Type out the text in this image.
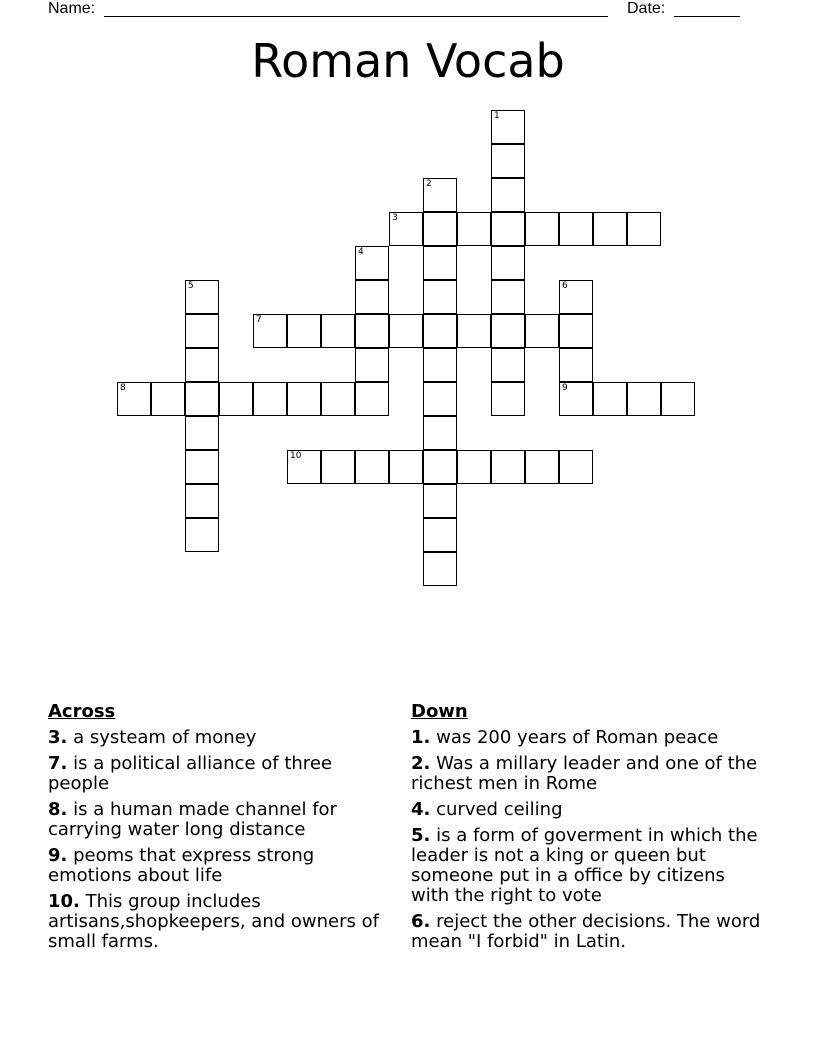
Name:	Date:
Roman Vocab
1
2
3
4
5	6
9
7
8
10
Across
3. a systeam of money
7. is a political alliance of three people
8. is a human made channel for carrying water long distance
9. peoms that express strong emotions about life
10. This group includes artisans,shopkeepers, and owners of small farms.
Down
1. was 200 years of Roman peace
2. Was a millary leader and one of the richest men in Rome
4. curved ceiling
5. is a form of goverment in which the leader is not a king or queen but someone put in a office by citizens with the right to vote
6. reject the other decisions. The word mean "I forbid" in Latin.
